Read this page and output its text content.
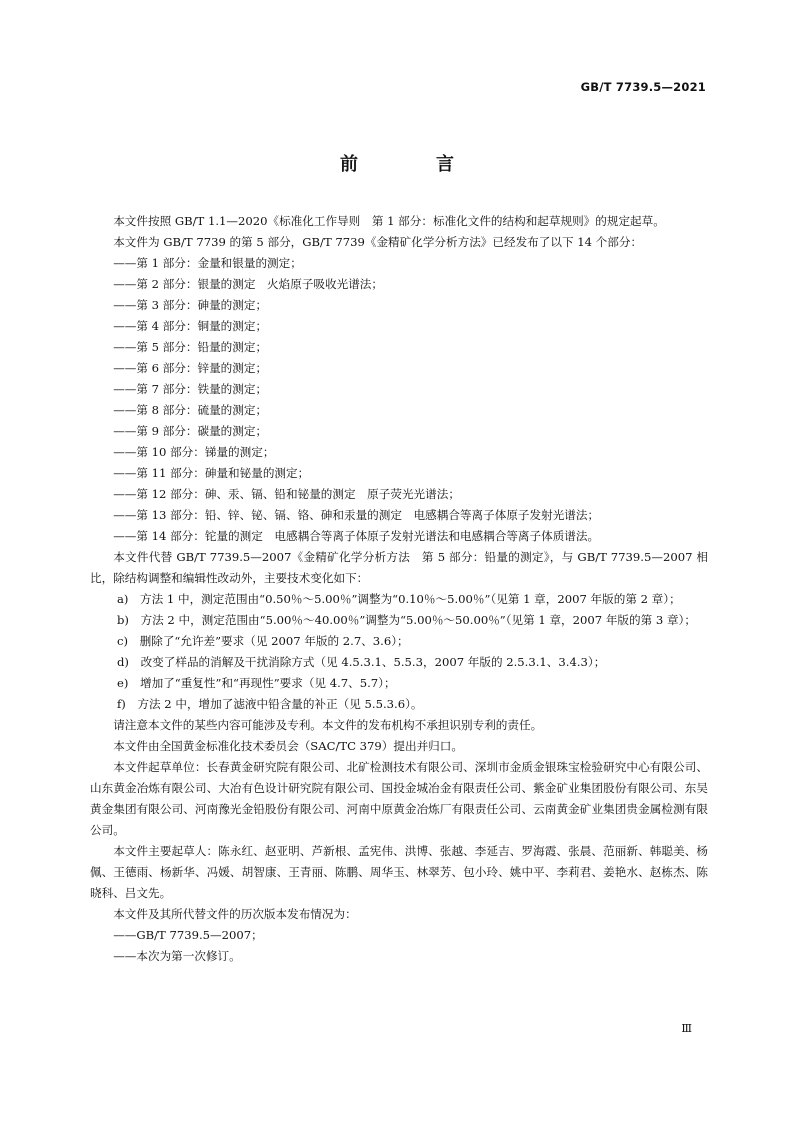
GB/T 7739.5—2021
前　言

本文件按照 GB/T 1.1—2020《标准化工作导则　第 1 部分：标准化文件的结构和起草规则》的规定起草。

本文件为 GB/T 7739 的第 5 部分，GB/T 7739《金精矿化学分析方法》已经发布了以下 14 个部分：

——第 1 部分：金量和银量的测定；

——第 2 部分：银量的测定　火焰原子吸收光谱法；

——第 3 部分：砷量的测定；

——第 4 部分：铜量的测定；

——第 5 部分：铅量的测定；

——第 6 部分：锌量的测定；

——第 7 部分：铁量的测定；

——第 8 部分：硫量的测定；

——第 9 部分：碳量的测定；

——第 10 部分：锑量的测定；

——第 11 部分：砷量和铋量的测定；

——第 12 部分：砷、汞、镉、铅和铋量的测定　原子荧光光谱法；

——第 13 部分：铅、锌、铋、镉、铬、砷和汞量的测定　电感耦合等离子体原子发射光谱法；

——第 14 部分：铊量的测定　电感耦合等离子体原子发射光谱法和电感耦合等离子体质谱法。

本文件代替 GB/T 7739.5—2007《金精矿化学分析方法　第 5 部分：铅量的测定》，与 GB/T 7739.5—2007 相比，除结构调整和编辑性改动外，主要技术变化如下：

a)　 方法 1 中，测定范围由“0.50％～5.00％”调整为“0.10％～5.00％”（见第 1 章，2007 年版的第 2 章）；

b)　 方法 2 中，测定范围由“5.00％～40.00％”调整为“5.00％～50.00％”（见第 1 章，2007 年版的第 3 章）；

c)　 删除了“允许差”要求（见 2007 年版的 2.7、3.6）；

d)　 改变了样品的消解及干扰消除方式（见 4.5.3.1、5.5.3，2007 年版的 2.5.3.1、3.4.3）；

e)　 增加了“重复性”和“再现性”要求（见 4.7、5.7）；

f)　 方法 2 中，增加了滤液中铅含量的补正（见 5.5.3.6）。

请注意本文件的某些内容可能涉及专利。本文件的发布机构不承担识别专利的责任。

本文件由全国黄金标准化技术委员会（SAC/TC 379）提出并归口。

本文件起草单位：长春黄金研究院有限公司、北矿检测技术有限公司、深圳市金质金银珠宝检验研究中心有限公司、山东黄金冶炼有限公司、大冶有色设计研究院有限公司、国投金城冶金有限责任公司、紫金矿业集团股份有限公司、东吴黄金集团有限公司、河南豫光金铅股份有限公司、河南中原黄金冶炼厂有限责任公司、云南黄金矿业集团贵金属检测有限公司。

本文件主要起草人：陈永红、赵亚明、芦新根、孟宪伟、洪博、张越、李延吉、罗海霞、张晨、范丽新、韩聪美、杨佩、王德雨、杨新华、冯媛、胡智康、王青丽、陈鹏、周华玉、林翠芳、包小玲、姚中平、李莉君、姜艳水、赵栋杰、陈晓科、吕文先。

本文件及其所代替文件的历次版本发布情况为：

——GB/T 7739.5—2007；

——本次为第一次修订。

Ⅲ
